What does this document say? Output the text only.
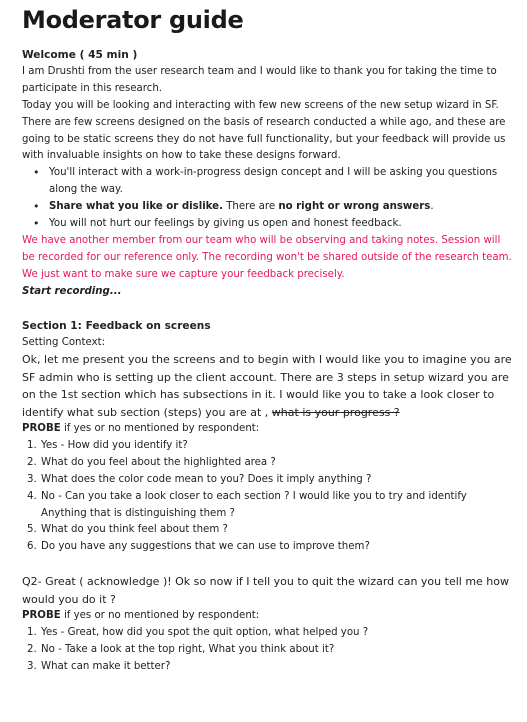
Moderator guide

Welcome ( 45 min )

I am Drushti from the user research team and I would like to thank you for taking the time to participate in this research.

Today you will be looking and interacting with few new screens of the new setup wizard in SF. There are few screens designed on the basis of research conducted a while ago, and these are going to be static screens they do not have full functionality, but your feedback will provide us with invaluable insights on how to take these designs forward.

• You'll interact with a work-in-progress design concept and I will be asking you questions along the way.
• Share what you like or dislike. There are no right or wrong answers.
• You will not hurt our feelings by giving us open and honest feedback.

We have another member from our team who will be observing and taking notes. Session will be recorded for our reference only. The recording won't be shared outside of the research team. We just want to make sure we capture your feedback precisely.

Start recording...

Section 1: Feedback on screens

Setting Context:

Ok, let me present you the screens and to begin with I would like you to imagine you are SF admin who is setting up the client account. There are 3 steps in setup wizard you are on the 1st section which has subsections in it. I would like you to take a look closer to identify what sub section (steps) you are at , what is your progress ?

PROBE if yes or no mentioned by respondent:

1. Yes - How did you identify it?
2. What do you feel about the highlighted area ?
3. What does the color code mean to you? Does it imply anything ?
4. No - Can you take a look closer to each section ? I would like you to try and identify Anything that is distinguishing them ?
5. What do you think feel about them ?
6. Do you have any suggestions that we can use to improve them?

Q2- Great ( acknowledge )! Ok so now if I tell you to quit the wizard can you tell me how would you do it ?

PROBE if yes or no mentioned by respondent:

1. Yes - Great, how did you spot the quit option, what helped you ?
2. No - Take a look at the top right, What you think about it?
3. What can make it better?
